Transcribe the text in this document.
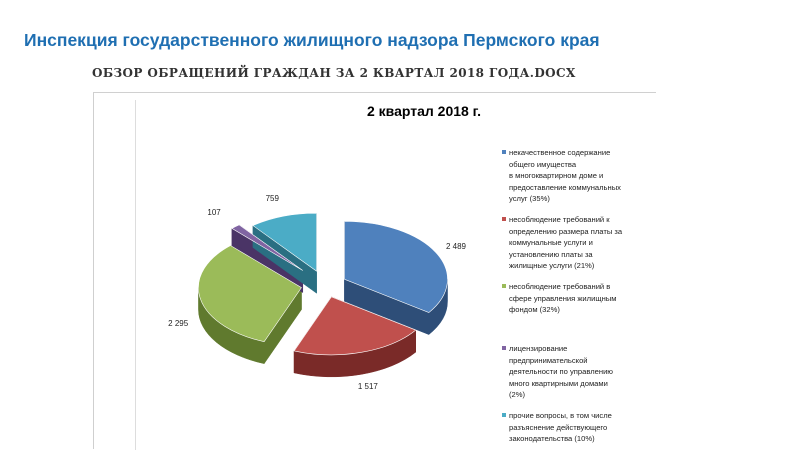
Инспекция государственного жилищного надзора Пермского края
ОБЗОР ОБРАЩЕНИЙ ГРАЖДАН ЗА 2 КВАРТАЛ 2018 ГОДА.DOCX
2 квартал 2018 г.
2 489
1 517
2 295
107
759
некачественное содержание
общего имущества
в многоквартирном доме и
предоставление коммунальных
услуг (35%)
несоблюдение требований к
определению размера платы за
коммунальные услуги и
установлению платы за
жилищные услуги (21%)
несоблюдение требований в
сфере управления жилищным
фондом (32%)
лицензирование
предпринимательской
деятельности по управлению
много квартирными домами
(2%)
прочие вопросы, в том числе
разъяснение действующего
законодательства (10%)
